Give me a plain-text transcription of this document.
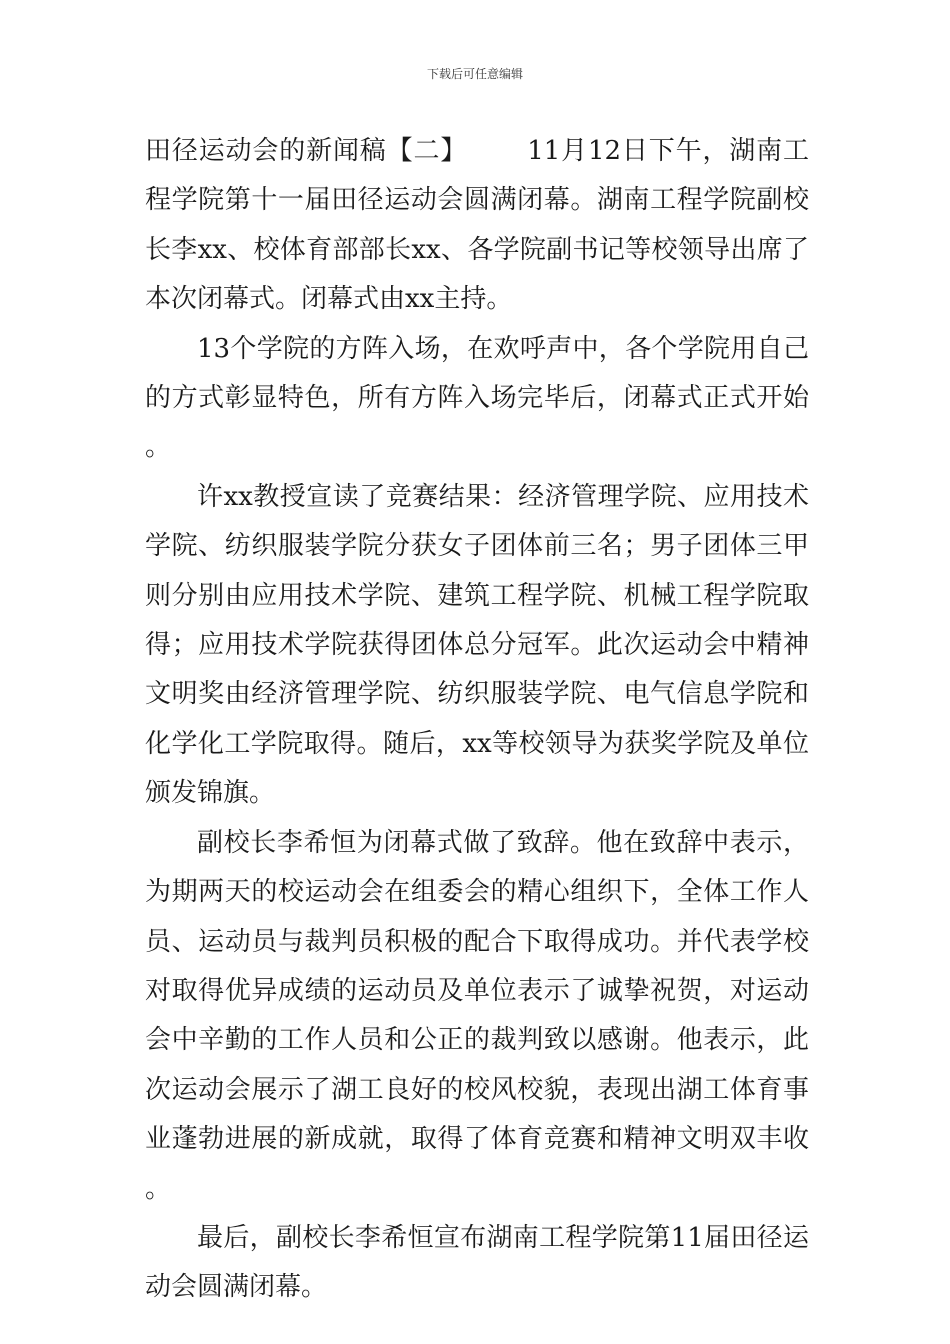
下载后可任意编辑

田径运动会的新闻稿【二】 11月12日下午，湖南工程学院第十一届田径运动会圆满闭幕。湖南工程学院副校长李xx、校体育部部长xx、各学院副书记等校领导出席了本次闭幕式。闭幕式由xx主持。

13个学院的方阵入场，在欢呼声中，各个学院用自己的方式彰显特色，所有方阵入场完毕后，闭幕式正式开始。

许xx教授宣读了竞赛结果：经济管理学院、应用技术学院、纺织服装学院分获女子团体前三名；男子团体三甲则分别由应用技术学院、建筑工程学院、机械工程学院取得；应用技术学院获得团体总分冠军。此次运动会中精神文明奖由经济管理学院、纺织服装学院、电气信息学院和化学化工学院取得。随后，xx等校领导为获奖学院及单位颁发锦旗。

副校长李希恒为闭幕式做了致辞。他在致辞中表示，为期两天的校运动会在组委会的精心组织下，全体工作人员、运动员与裁判员积极的配合下取得成功。并代表学校对取得优异成绩的运动员及单位表示了诚挚祝贺，对运动会中辛勤的工作人员和公正的裁判致以感谢。他表示，此次运动会展示了湖工良好的校风校貌，表现出湖工体育事业蓬勃进展的新成就，取得了体育竞赛和精神文明双丰收。

最后，副校长李希恒宣布湖南工程学院第11届田径运动会圆满闭幕。
